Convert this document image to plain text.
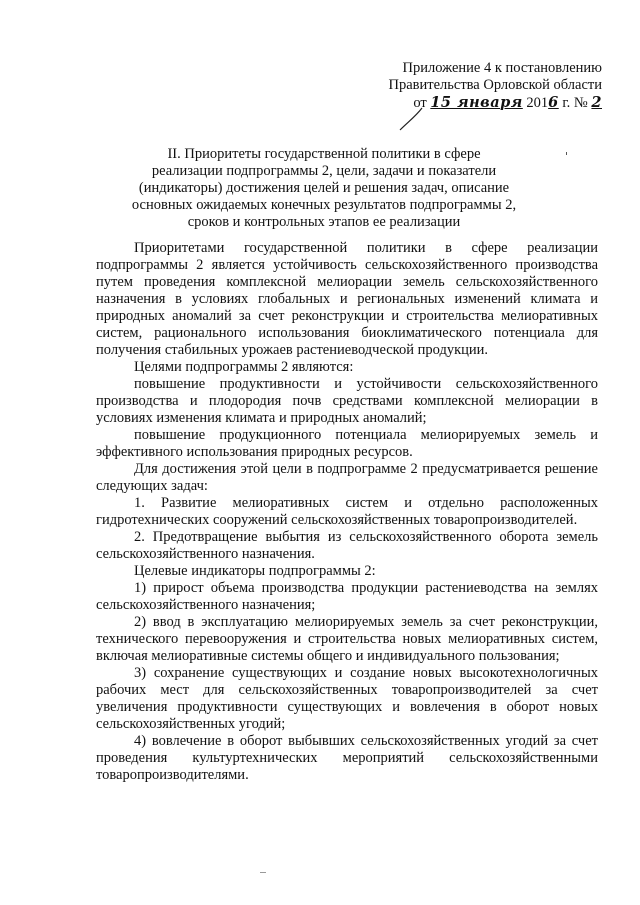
Приложение 4 к постановлению
Правительства Орловской области
от 15 января 2016 г. № 2
II. Приоритеты государственной политики в сфере
реализации подпрограммы 2, цели, задачи и показатели
(индикаторы) достижения целей и решения задач, описание
основных ожидаемых конечных результатов подпрограммы 2,
сроков и контрольных этапов ее реализации

Приоритетами государственной политики в сфере реализации подпрограммы 2 является устойчивость сельскохозяйственного производства путем проведения комплексной мелиорации земель сельскохозяйственного назначения в условиях глобальных и региональных изменений климата и природных аномалий за счет реконструкции и строительства мелиоративных систем, рационального использования биоклиматического потенциала для получения стабильных урожаев растениеводческой продукции.

Целями подпрограммы 2 являются:

повышение продуктивности и устойчивости сельскохозяйственного производства и плодородия почв средствами комплексной мелиорации в условиях изменения климата и природных аномалий;

повышение продукционного потенциала мелиорируемых земель и эффективного использования природных ресурсов.

Для достижения этой цели в подпрограмме 2 предусматривается решение следующих задач:

1. Развитие мелиоративных систем и отдельно расположенных гидротехнических сооружений сельскохозяйственных товаропроизводителей.

2. Предотвращение выбытия из сельскохозяйственного оборота земель сельскохозяйственного назначения.

Целевые индикаторы подпрограммы 2:

1) прирост объема производства продукции растениеводства на землях сельскохозяйственного назначения;

2) ввод в эксплуатацию мелиорируемых земель за счет реконструкции, технического перевооружения и строительства новых мелиоративных систем, включая мелиоративные системы общего и индивидуального пользования;

3) сохранение существующих и создание новых высокотехнологичных рабочих мест для сельскохозяйственных товаропроизводителей за счет увеличения продуктивности существующих и вовлечения в оборот новых сельскохозяйственных угодий;

4) вовлечение в оборот выбывших сельскохозяйственных угодий за счет проведения культуртехнических мероприятий сельскохозяйственными товаропроизводителями.
